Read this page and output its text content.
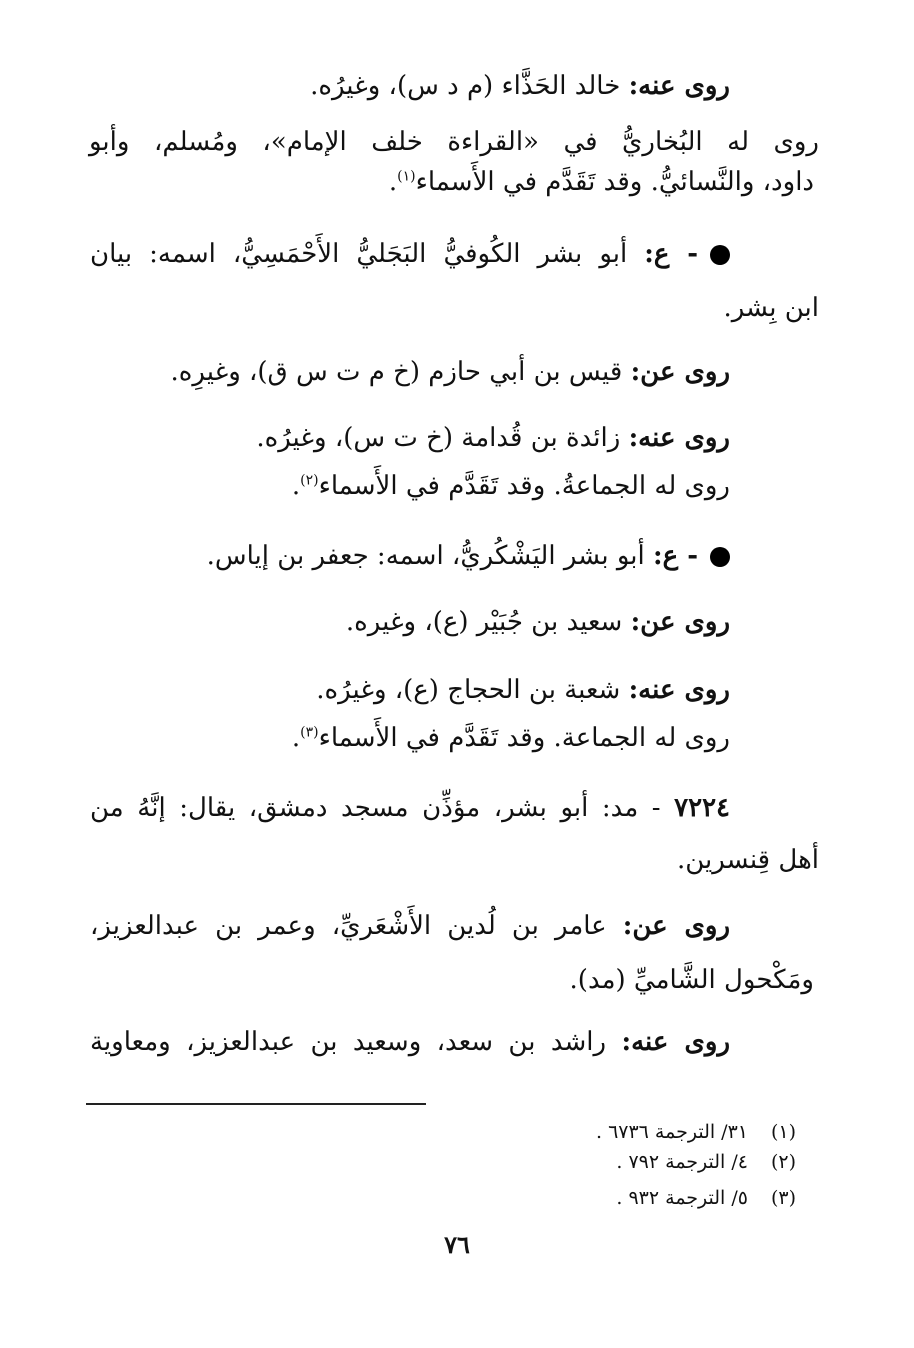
روى عنه: خالد الحَذَّاء (م د س)، وغيرُه.
روى له البُخاريُّ في «القراءة خلف الإمام»، ومُسلم، وأبو
داود، والنَّسائيُّ. وقد تَقَدَّم في الأَسماء$^{(١)}$.
- ع: أبو بشر الكُوفيُّ البَجَليُّ الأَحْمَسِيُّ، اسمه: بيان
ابن بِشر.
روى عن: قيس بن أبي حازم (خ م ت س ق)، وغيرِه.
روى عنه: زائدة بن قُدامة (خ ت س)، وغيرُه.
روى له الجماعةُ. وقد تَقَدَّم في الأَسماء$^{(٢)}$.
- ع: أبو بشر اليَشْكُريُّ، اسمه: جعفر بن إياس.
روى عن: سعيد بن جُبَيْر (ع)، وغيره.
روى عنه: شعبة بن الحجاج (ع)، وغيرُه.
روى له الجماعة. وقد تَقَدَّم في الأَسماء$^{(٣)}$.
٧٢٢٤ - مد: أبو بشر، مؤذِّن مسجد دمشق، يقال: إنَّهُ من
أهل قِنسرين.
روى عن: عامر بن لُدين الأَشْعَريِّ، وعمر بن عبدالعزيز،
ومَكْحول الشَّاميِّ (مد).
روى عنه: راشد بن سعد، وسعيد بن عبدالعزيز، ومعاوية
(١)٣١/ الترجمة ٦٧٣٦ .
(٢)٤/ الترجمة ٧٩٢ .
(٣)٥/ الترجمة ٩٣٢ .
٧٦
